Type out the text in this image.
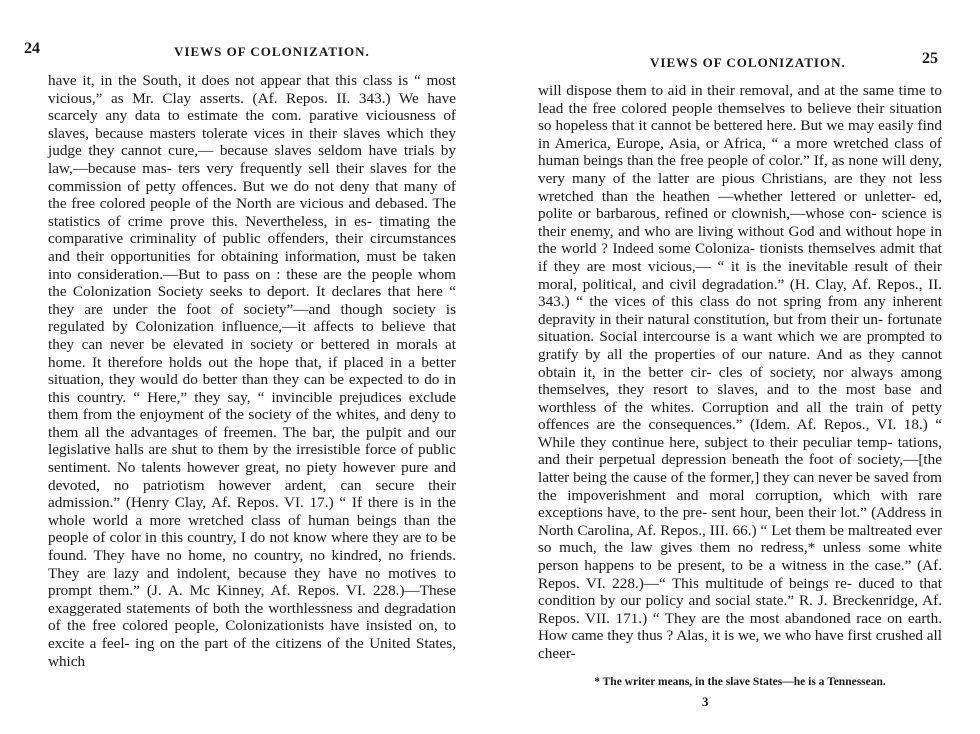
24	VIEWS OF COLONIZATION.

have it, in the South, it does not appear that this class is “ most vicious,” as Mr. Clay asserts. (Af. Repos. II. 343.) We have scarcely any data to estimate the com. parative viciousness of slaves, because masters tolerate vices in their slaves which they judge they cannot cure,— because slaves seldom have trials by law,—because mas- ters very frequently sell their slaves for the commission of petty offences. But we do not deny that many of the free colored people of the North are vicious and debased. The statistics of crime prove this. Nevertheless, in es- timating the comparative criminality of public offenders, their circumstances and their opportunities for obtaining information, must be taken into consideration.—But to pass on : these are the people whom the Colonization Society seeks to deport. It declares that here “ they are under the foot of society”—and though society is regulated by Colonization influence,—it affects to believe that they can never be elevated in society or bettered in morals at home. It therefore holds out the hope that, if placed in a better situation, they would do better than they can be expected to do in this country. “ Here,” they say, “ invincible prejudices exclude them from the enjoyment of the society of the whites, and deny to them all the advantages of freemen. The bar, the pulpit and our legislative halls are shut to them by the irresistible force of public sentiment. No talents however great, no piety however pure and devoted, no patriotism however ardent, can secure their admission.” (Henry Clay, Af. Repos. VI. 17.) “ If there is in the whole world a more wretched class of human beings than the people of color in this country, I do not know where they are to be found. They have no home, no country, no kindred, no friends. They are lazy and indolent, because they have no motives to prompt them.” (J. A. Mc Kinney, Af. Repos. VI. 228.)—These exaggerated statements of both the worthlessness and degradation of the free colored people, Colonizationists have insisted on, to excite a feel- ing on the part of the citizens of the United States, which

VIEWS OF COLONIZATION.	25

will dispose them to aid in their removal, and at the same time to lead the free colored people themselves to believe their situation so hopeless that it cannot be bettered here. But we may easily find in America, Europe, Asia, or Africa, “ a more wretched class of human beings than the free people of color.” If, as none will deny, very many of the latter are pious Christians, are they not less wretched than the heathen —whether lettered or unletter- ed, polite or barbarous, refined or clownish,—whose con- science is their enemy, and who are living without God and without hope in the world ? Indeed some Coloniza- tionists themselves admit that if they are most vicious,— “ it is the inevitable result of their moral, political, and civil degradation.” (H. Clay, Af. Repos., II. 343.) “ the vices of this class do not spring from any inherent depravity in their natural constitution, but from their un- fortunate situation. Social intercourse is a want which we are prompted to gratify by all the properties of our nature. And as they cannot obtain it, in the better cir- cles of society, nor always among themselves, they resort to slaves, and to the most base and worthless of the whites. Corruption and all the train of petty offences are the consequences.” (Idem. Af. Repos., VI. 18.) “ While they continue here, subject to their peculiar temp- tations, and their perpetual depression beneath the foot of society,—[the latter being the cause of the former,] they can never be saved from the impoverishment and moral corruption, which with rare exceptions have, to the pre- sent hour, been their lot.” (Address in North Carolina, Af. Repos., III. 66.) “ Let them be maltreated ever so much, the law gives them no redress,* unless some white person happens to be present, to be a witness in the case.” (Af. Repos. VI. 228.)—“ This multitude of beings re- duced to that condition by our policy and social state.” R. J. Breckenridge, Af. Repos. VII. 171.) “ They are the most abandoned race on earth. How came they thus ? Alas, it is we, we who have first crushed all cheer-

* The writer means, in the slave States—he is a Tennessean.
3
